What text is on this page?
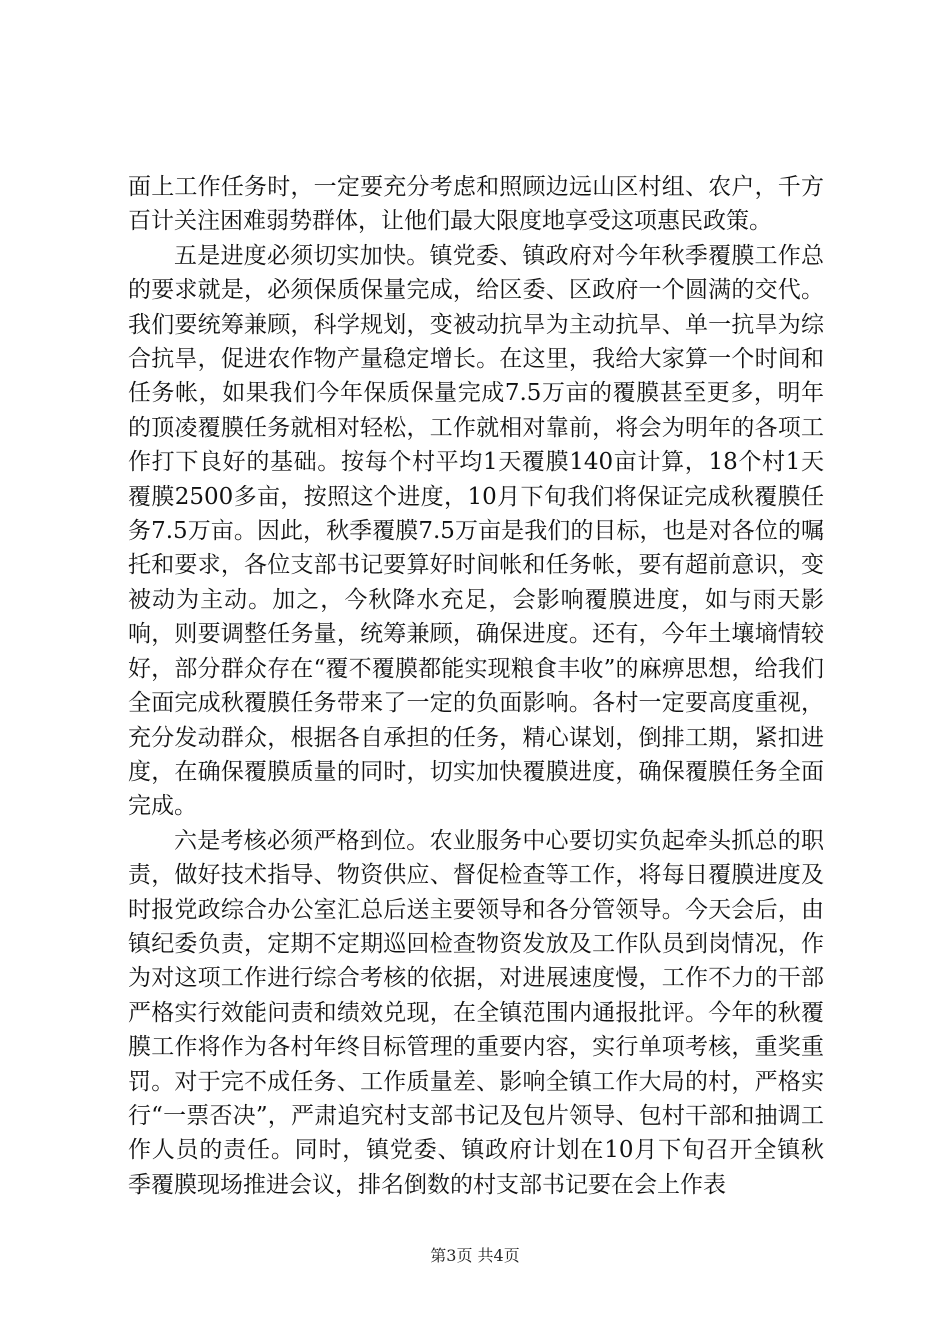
面上工作任务时，一定要充分考虑和照顾边远山区村组、农户，千方百计关注困难弱势群体，让他们最大限度地享受这项惠民政策。

五是进度必须切实加快。镇党委、镇政府对今年秋季覆膜工作总的要求就是，必须保质保量完成，给区委、区政府一个圆满的交代。我们要统筹兼顾，科学规划，变被动抗旱为主动抗旱、单一抗旱为综合抗旱，促进农作物产量稳定增长。在这里，我给大家算一个时间和任务帐，如果我们今年保质保量完成7.5万亩的覆膜甚至更多，明年的顶凌覆膜任务就相对轻松，工作就相对靠前，将会为明年的各项工作打下良好的基础。按每个村平均1天覆膜140亩计算，18个村1天覆膜2500多亩，按照这个进度，10月下旬我们将保证完成秋覆膜任务7.5万亩。因此，秋季覆膜7.5万亩是我们的目标，也是对各位的嘱托和要求，各位支部书记要算好时间帐和任务帐，要有超前意识，变被动为主动。加之，今秋降水充足，会影响覆膜进度，如与雨天影响，则要调整任务量，统筹兼顾，确保进度。还有，今年土壤墒情较好，部分群众存在“覆不覆膜都能实现粮食丰收”的麻痹思想，给我们全面完成秋覆膜任务带来了一定的负面影响。各村一定要高度重视，充分发动群众，根据各自承担的任务，精心谋划，倒排工期，紧扣进度，在确保覆膜质量的同时，切实加快覆膜进度，确保覆膜任务全面完成。

六是考核必须严格到位。农业服务中心要切实负起牵头抓总的职责，做好技术指导、物资供应、督促检查等工作，将每日覆膜进度及时报党政综合办公室汇总后送主要领导和各分管领导。今天会后，由镇纪委负责，定期不定期巡回检查物资发放及工作队员到岗情况，作为对这项工作进行综合考核的依据，对进展速度慢，工作不力的干部严格实行效能问责和绩效兑现，在全镇范围内通报批评。今年的秋覆膜工作将作为各村年终目标管理的重要内容，实行单项考核，重奖重罚。对于完不成任务、工作质量差、影响全镇工作大局的村，严格实行“一票否决”，严肃追究村支部书记及包片领导、包村干部和抽调工作人员的责任。同时，镇党委、镇政府计划在10月下旬召开全镇秋季覆膜现场推进会议，排名倒数的村支部书记要在会上作表

第3页 共4页
